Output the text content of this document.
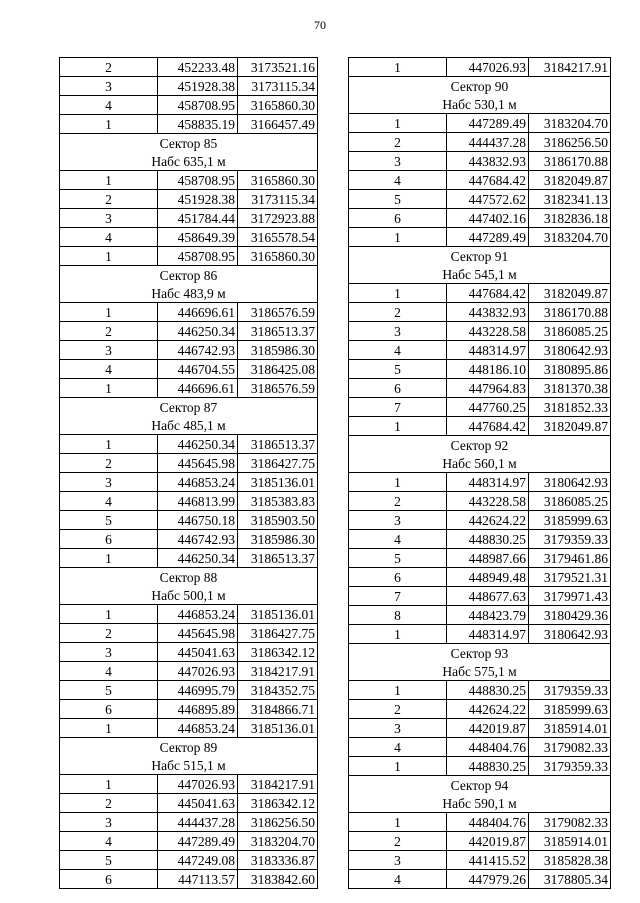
70
2	452233.48	3173521.16
3	451928.38	3173115.34
4	458708.95	3165860.30
1	458835.19	3166457.49
Сектор 85		
Набс 635,1 м		
1	458708.95	3165860.30
2	451928.38	3173115.34
3	451784.44	3172923.88
4	458649.39	3165578.54
1	458708.95	3165860.30
Сектор 86		
Набс 483,9 м		
1	446696.61	3186576.59
2	446250.34	3186513.37
3	446742.93	3185986.30
4	446704.55	3186425.08
1	446696.61	3186576.59
Сектор 87		
Набс 485,1 м		
1	446250.34	3186513.37
2	445645.98	3186427.75
3	446853.24	3185136.01
4	446813.99	3185383.83
5	446750.18	3185903.50
6	446742.93	3185986.30
1	446250.34	3186513.37
Сектор 88		
Набс 500,1 м		
1	446853.24	3185136.01
2	445645.98	3186427.75
3	445041.63	3186342.12
4	447026.93	3184217.91
5	446995.79	3184352.75
6	446895.89	3184866.71
1	446853.24	3185136.01
Сектор 89		
Набс 515,1 м		
1	447026.93	3184217.91
2	445041.63	3186342.12
3	444437.28	3186256.50
4	447289.49	3183204.70
5	447249.08	3183336.87
6	447113.57	3183842.60
1	447026.93	3184217.91
Сектор 90		
Набс 530,1 м		
1	447289.49	3183204.70
2	444437.28	3186256.50
3	443832.93	3186170.88
4	447684.42	3182049.87
5	447572.62	3182341.13
6	447402.16	3182836.18
1	447289.49	3183204.70
Сектор 91		
Набс 545,1 м		
1	447684.42	3182049.87
2	443832.93	3186170.88
3	443228.58	3186085.25
4	448314.97	3180642.93
5	448186.10	3180895.86
6	447964.83	3181370.38
7	447760.25	3181852.33
1	447684.42	3182049.87
Сектор 92		
Набс 560,1 м		
1	448314.97	3180642.93
2	443228.58	3186085.25
3	442624.22	3185999.63
4	448830.25	3179359.33
5	448987.66	3179461.86
6	448949.48	3179521.31
7	448677.63	3179971.43
8	448423.79	3180429.36
1	448314.97	3180642.93
Сектор 93		
Набс 575,1 м		
1	448830.25	3179359.33
2	442624.22	3185999.63
3	442019.87	3185914.01
4	448404.76	3179082.33
1	448830.25	3179359.33
Сектор 94		
Набс 590,1 м		
1	448404.76	3179082.33
2	442019.87	3185914.01
3	441415.52	3185828.38
4	447979.26	3178805.34
